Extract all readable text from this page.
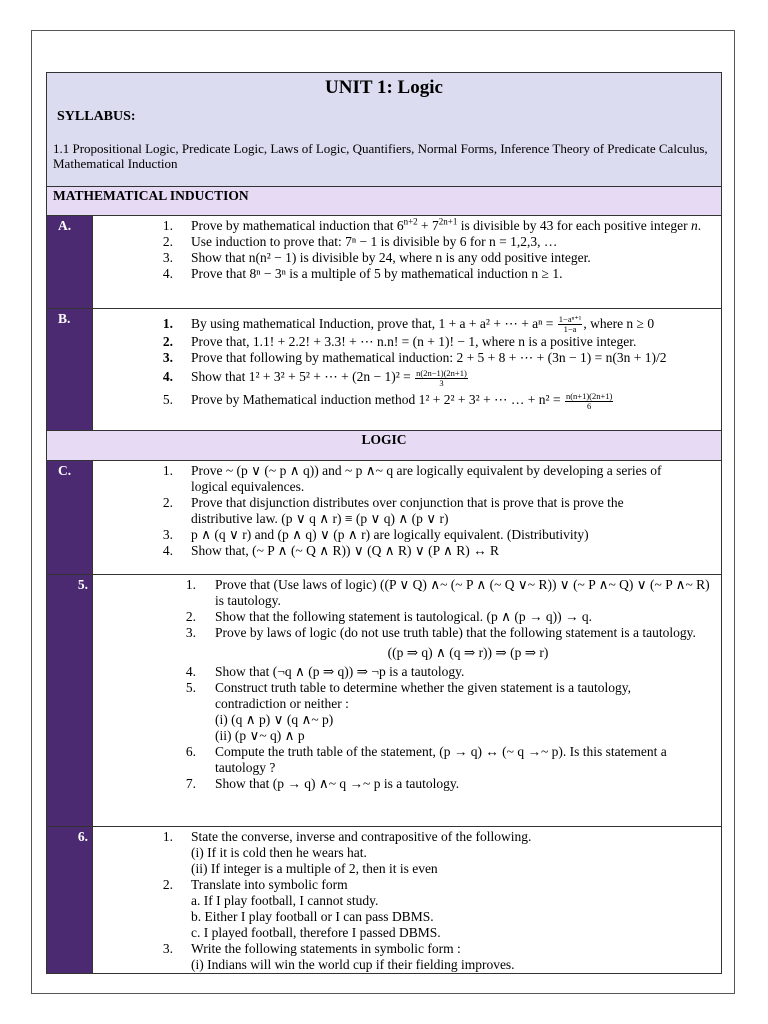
UNIT 1: Logic
SYLLABUS:
1.1 Propositional Logic, Predicate Logic, Laws of Logic, Quantifiers, Normal Forms, Inference Theory of Predicate Calculus, Mathematical Induction
MATHEMATICAL INDUCTION
A.	1. Prove by mathematical induction that $6^{n+2} + 7^{2n+1}$ is divisible by 43 for each positive integer n.
2. Use induction to prove that: 7ⁿ − 1 is divisible by 6 for n = 1,2,3, …
3. Show that n(n² − 1) is divisible by 24, where n is any odd positive integer.
4. Prove that 8ⁿ − 3ⁿ is a multiple of 5 by mathematical induction n ≥ 1.
B.	1. By using mathematical Induction, prove that, 1 + a + a² + ⋯ + $a^n = \frac{\text{1−aⁿ⁺¹}}{1-a}$ , where n ≥ 0
2. Prove that, 1.1! + 2.2! + 3.3! + ⋯ n.n! = (n + 1)! − 1, where n is a positive integer.
3. Prove that following by mathematical induction: 2 + 5 + 8 + ⋯ + (3n − 1) = n(3n + 1)/2
4. Show that 1² + 3² + 5² + ⋯ + $(2n - 1)^2 = \frac{n(2n-1)(2n+1)}{3}$
5. Prove by Mathematical induction method 1² + 2² + 3² + ⋯ … + $n^2 = \frac{n(n+1)(2n+1)}{6}$
LOGIC
C.	1. Prove ~ (p ∨ (~ p ∧ q)) and ~ p ∧~ q are logically equivalent by developing a series of logical equivalences.
2. Prove that disjunction distributes over conjunction that is prove that is prove the distributive law. (p ∨ q ∧ r) ≡ (p ∨ q) ∧ (p ∨ r)
3. p ∧ (q ∨ r) and (p ∧ q) ∨ (p ∧ r) are logically equivalent. (Distributivity)
4. Show that, (~ P ∧ (~ Q ∧ R)) ∨ (Q ∧ R) ∨ (P ∧ R) ↔ R
5.	1. Prove that (Use laws of logic) ((P ∨ Q) ∧~ (~ P ∧ (~ Q ∨~ R)) ∨ (~ P ∧~ Q) ∨ (~ P ∧~ R) is tautology.
2. Show that the following statement is tautological. (p ∧ (p → q)) → q.
3. Prove by laws of logic (do not use truth table) that the following statement is a tautology.
((p ⇒ q) ∧ (q ⇒ r)) ⇒ (p ⇒ r)
4. Show that (¬q ∧ (p ⇒ q)) ⇒ ¬p is a tautology.
5. Construct truth table to determine whether the given statement is a tautology, contradiction or neither :
(i) (q ∧ p) ∨ (q ∧~ p)
(ii) (p ∨~ q) ∧ p
6. Compute the truth table of the statement, (p → q) ↔ (~ q →~ p). Is this statement a tautology ?
7. Show that (p → q) ∧~ q →~ p is a tautology.
6.	1. State the converse, inverse and contrapositive of the following.
(i) If it is cold then he wears hat.
(ii) If integer is a multiple of 2, then it is even
2. Translate into symbolic form
a. If I play football, I cannot study.
b. Either I play football or I can pass DBMS.
c. I played football, therefore I passed DBMS.
3. Write the following statements in symbolic form :
(i) Indians will win the world cup if their fielding improves.
